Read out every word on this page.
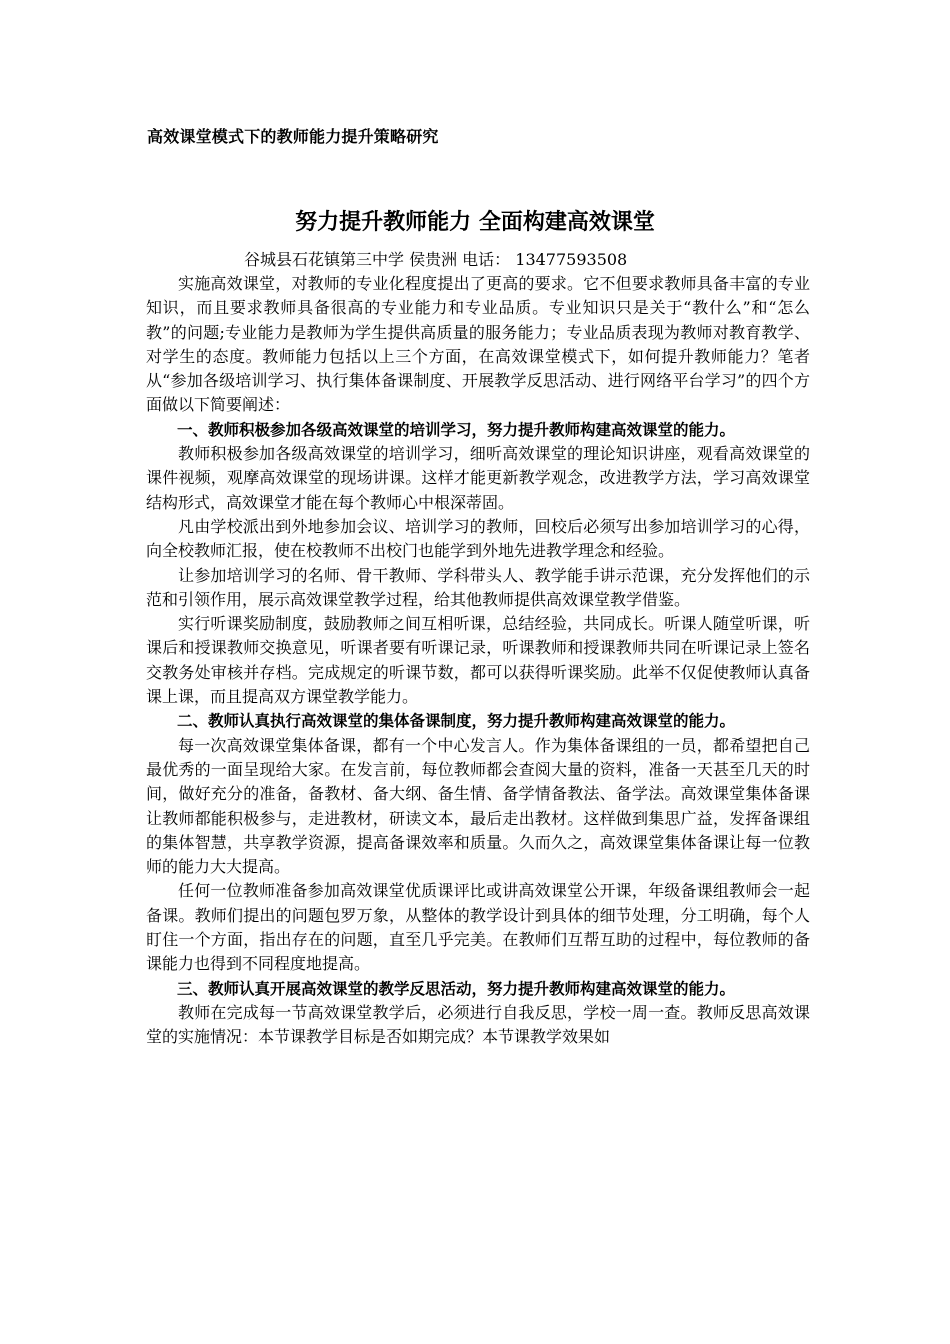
高效课堂模式下的教师能力提升策略研究
努力提升教师能力 全面构建高效课堂
谷城县石花镇第三中学 侯贵洲 电话： 13477593508

实施高效课堂，对教师的专业化程度提出了更高的要求。它不但要求教师具备丰富的专业知识，而且要求教师具备很高的专业能力和专业品质。专业知识只是关于“教什么”和“怎么教”的问题;专业能力是教师为学生提供高质量的服务能力；专业品质表现为教师对教育教学、对学生的态度。教师能力包括以上三个方面，在高效课堂模式下，如何提升教师能力？笔者从“参加各级培训学习、执行集体备课制度、开展教学反思活动、进行网络平台学习”的四个方面做以下简要阐述：

一、教师积极参加各级高效课堂的培训学习，努力提升教师构建高效课堂的能力。

教师积极参加各级高效课堂的培训学习，细听高效课堂的理论知识讲座，观看高效课堂的课件视频，观摩高效课堂的现场讲课。这样才能更新教学观念，改进教学方法，学习高效课堂结构形式，高效课堂才能在每个教师心中根深蒂固。

凡由学校派出到外地参加会议、培训学习的教师，回校后必须写出参加培训学习的心得，向全校教师汇报，使在校教师不出校门也能学到外地先进教学理念和经验。

让参加培训学习的名师、骨干教师、学科带头人、教学能手讲示范课，充分发挥他们的示范和引领作用，展示高效课堂教学过程，给其他教师提供高效课堂教学借鉴。

实行听课奖励制度，鼓励教师之间互相听课，总结经验，共同成长。听课人随堂听课，听课后和授课教师交换意见，听课者要有听课记录，听课教师和授课教师共同在听课记录上签名交教务处审核并存档。完成规定的听课节数，都可以获得听课奖励。此举不仅促使教师认真备课上课，而且提高双方课堂教学能力。

二、教师认真执行高效课堂的集体备课制度，努力提升教师构建高效课堂的能力。

每一次高效课堂集体备课，都有一个中心发言人。作为集体备课组的一员，都希望把自己最优秀的一面呈现给大家。在发言前，每位教师都会查阅大量的资料，准备一天甚至几天的时间，做好充分的准备，备教材、备大纲、备生情、备学情备教法、备学法。高效课堂集体备课让教师都能积极参与，走进教材，研读文本，最后走出教材。这样做到集思广益，发挥备课组的集体智慧，共享教学资源，提高备课效率和质量。久而久之，高效课堂集体备课让每一位教师的能力大大提高。

任何一位教师准备参加高效课堂优质课评比或讲高效课堂公开课，年级备课组教师会一起备课。教师们提出的问题包罗万象，从整体的教学设计到具体的细节处理，分工明确，每个人盯住一个方面，指出存在的问题，直至几乎完美。在教师们互帮互助的过程中，每位教师的备课能力也得到不同程度地提高。

三、教师认真开展高效课堂的教学反思活动，努力提升教师构建高效课堂的能力。

教师在完成每一节高效课堂教学后，必须进行自我反思，学校一周一查。教师反思高效课堂的实施情况：本节课教学目标是否如期完成？本节课教学效果如
